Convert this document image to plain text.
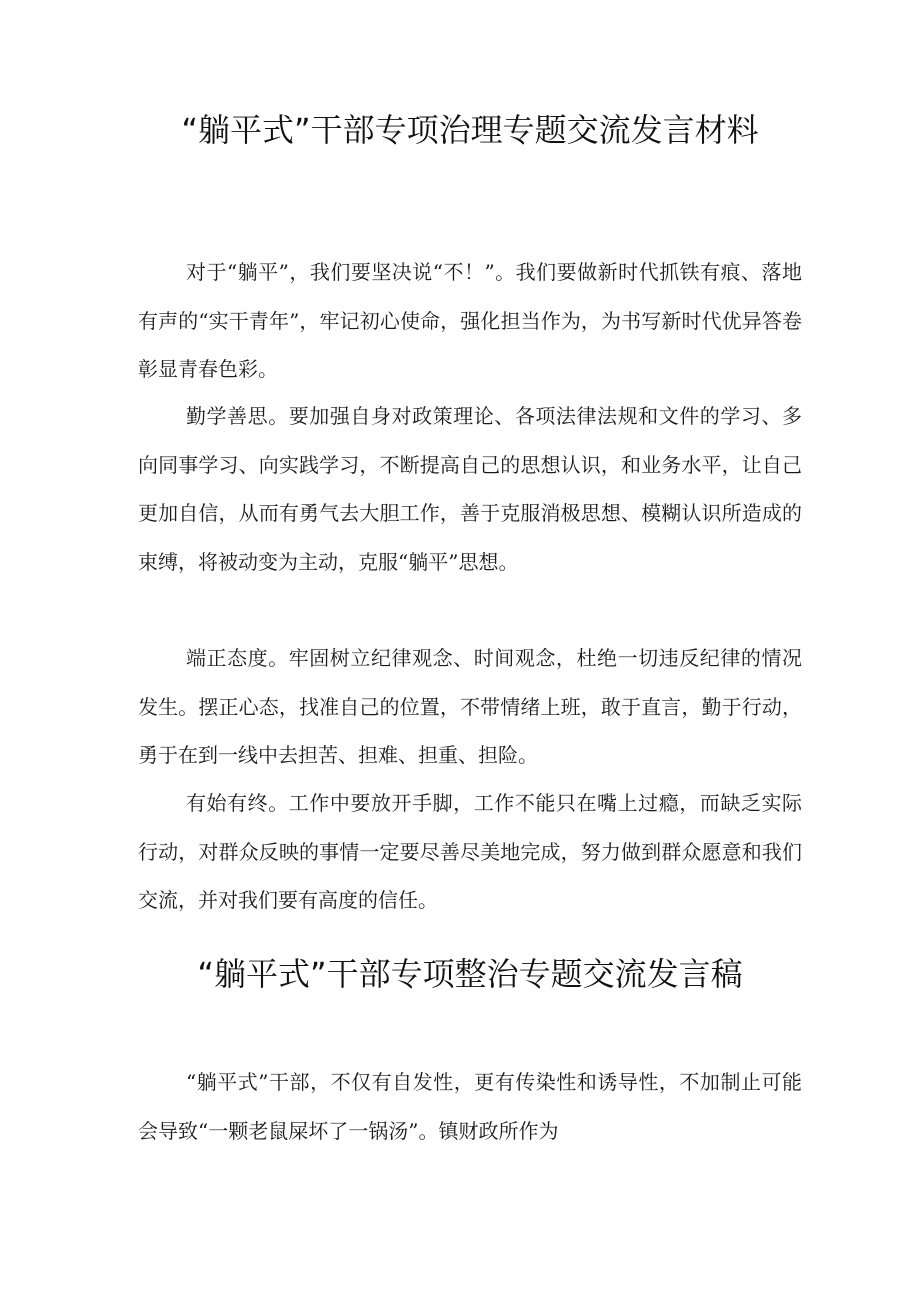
“躺平式”干部专项治理专题交流发言材料

对于“躺平”，我们要坚决说“不！”。我们要做新时代抓铁有痕、落地有声的“实干青年”，牢记初心使命，强化担当作为，为书写新时代优异答卷彰显青春色彩。

勤学善思。要加强自身对政策理论、各项法律法规和文件的学习、多向同事学习、向实践学习，不断提高自己的思想认识，和业务水平，让自己更加自信，从而有勇气去大胆工作，善于克服消极思想、模糊认识所造成的束缚，将被动变为主动，克服“躺平”思想。

端正态度。牢固树立纪律观念、时间观念，杜绝一切违反纪律的情况发生。摆正心态，找准自己的位置，不带情绪上班，敢于直言，勤于行动，勇于在到一线中去担苦、担难、担重、担险。

有始有终。工作中要放开手脚，工作不能只在嘴上过瘾，而缺乏实际行动，对群众反映的事情一定要尽善尽美地完成，努力做到群众愿意和我们交流，并对我们要有高度的信任。

“躺平式”干部专项整治专题交流发言稿

“躺平式”干部，不仅有自发性，更有传染性和诱导性，不加制止可能会导致“一颗老鼠屎坏了一锅汤”。镇财政所作为
